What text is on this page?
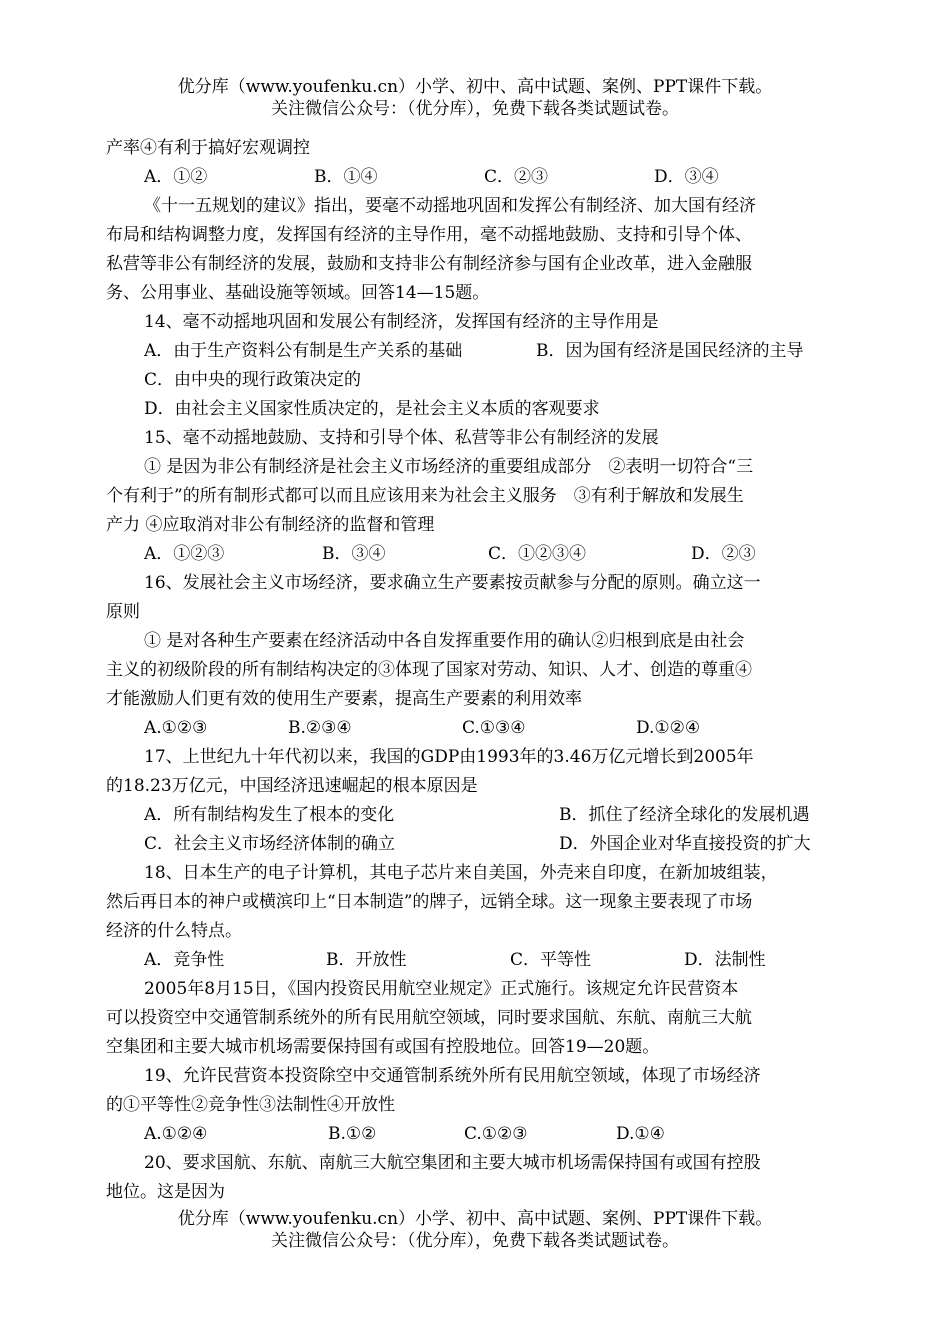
优分库（www.youfenku.cn）小学、初中、高中试题、案例、PPT课件下载。
关注微信公众号：（优分库），免费下载各类试题试卷。
产率④有利于搞好宏观调控
A．①②	B．①④	C．②③	D．③④
《十一五规划的建议》指出，要毫不动摇地巩固和发挥公有制经济、加大国有经济
布局和结构调整力度，发挥国有经济的主导作用，毫不动摇地鼓励、支持和引导个体、
私营等非公有制经济的发展，鼓励和支持非公有制经济参与国有企业改革，进入金融服
务、公用事业、基础设施等领域。回答14—15题。
14、毫不动摇地巩固和发展公有制经济，发挥国有经济的主导作用是
A．由于生产资料公有制是生产关系的基础	B．因为国有经济是国民经济的主导
C．由中央的现行政策决定的
D．由社会主义国家性质决定的，是社会主义本质的客观要求
15、毫不动摇地鼓励、支持和引导个体、私营等非公有制经济的发展
① 是因为非公有制经济是社会主义市场经济的重要组成部分　②表明一切符合“三
个有利于”的所有制形式都可以而且应该用来为社会主义服务　③有利于解放和发展生
产力 ④应取消对非公有制经济的监督和管理
A．①②③	B．③④	C．①②③④	D．②③
16、发展社会主义市场经济，要求确立生产要素按贡献参与分配的原则。确立这一
原则
① 是对各种生产要素在经济活动中各自发挥重要作用的确认②归根到底是由社会
主义的初级阶段的所有制结构决定的③体现了国家对劳动、知识、人才、创造的尊重④
才能激励人们更有效的使用生产要素，提高生产要素的利用效率
A.①②③	B.②③④	C.①③④	D.①②④
17、上世纪九十年代初以来，我国的GDP由1993年的3.46万亿元增长到2005年
的18.23万亿元，中国经济迅速崛起的根本原因是
A．所有制结构发生了根本的变化	B．抓住了经济全球化的发展机遇
C．社会主义市场经济体制的确立	D．外国企业对华直接投资的扩大
18、日本生产的电子计算机，其电子芯片来自美国，外壳来自印度，在新加坡组装，
然后再日本的神户或横滨印上“日本制造”的牌子，远销全球。这一现象主要表现了市场
经济的什么特点。
A．竞争性	B．开放性	C．平等性	D．法制性
2005年8月15日，《国内投资民用航空业规定》正式施行。该规定允许民营资本
可以投资空中交通管制系统外的所有民用航空领域，同时要求国航、东航、南航三大航
空集团和主要大城市机场需要保持国有或国有控股地位。回答19—20题。
19、允许民营资本投资除空中交通管制系统外所有民用航空领域，体现了市场经济
的①平等性②竞争性③法制性④开放性
A.①②④	B.①②	C.①②③	D.①④
20、要求国航、东航、南航三大航空集团和主要大城市机场需保持国有或国有控股
地位。这是因为
优分库（www.youfenku.cn）小学、初中、高中试题、案例、PPT课件下载。
关注微信公众号：（优分库），免费下载各类试题试卷。
